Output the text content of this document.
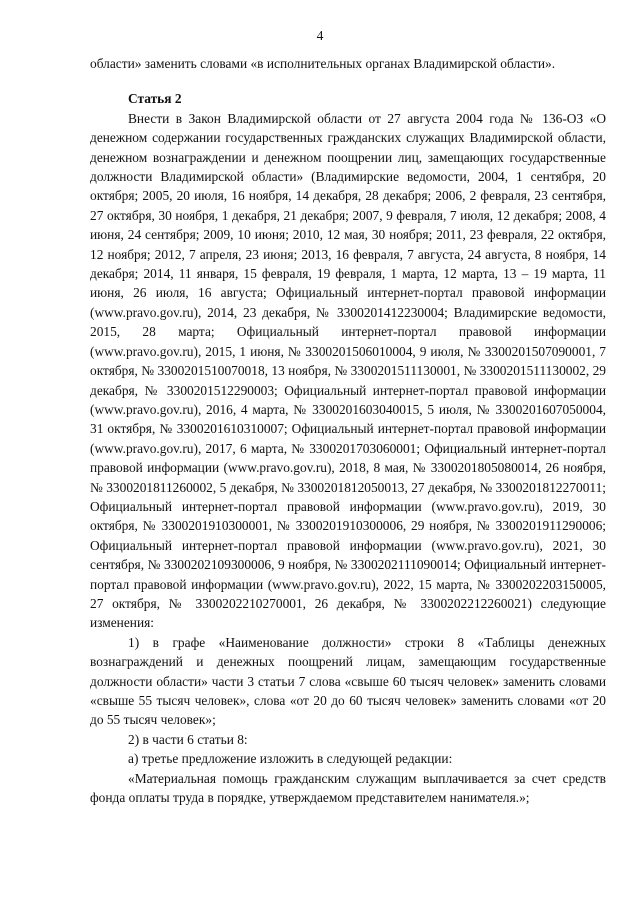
4

области» заменить словами «в исполнительных органах Владимирской области».

Статья 2

Внести в Закон Владимирской области от 27 августа 2004 года № 136-ОЗ «О денежном содержании государственных гражданских служащих Владимирской области, денежном вознаграждении и денежном поощрении лиц, замещающих государственные должности Владимирской области» (Владимирские ведомости, 2004, 1 сентября, 20 октября; 2005, 20 июля, 16 ноября, 14 декабря, 28 декабря; 2006, 2 февраля, 23 сентября, 27 октября, 30 ноября, 1 декабря, 21 декабря; 2007, 9 февраля, 7 июля, 12 декабря; 2008, 4 июня, 24 сентября; 2009, 10 июня; 2010, 12 мая, 30 ноября; 2011, 23 февраля, 22 октября, 12 ноября; 2012, 7 апреля, 23 июня; 2013, 16 февраля, 7 августа, 24 августа, 8 ноября, 14 декабря; 2014, 11 января, 15 февраля, 19 февраля, 1 марта, 12 марта, 13 – 19 марта, 11 июня, 26 июля, 16 августа; Официальный интернет-портал правовой информации (www.pravo.gov.ru), 2014, 23 декабря, № 3300201412230004; Владимирские ведомости, 2015, 28 марта; Официальный интернет-портал правовой информации (www.pravo.gov.ru), 2015, 1 июня, № 3300201506010004, 9 июля, № 3300201507090001, 7 октября, № 3300201510070018, 13 ноября, № 3300201511130001, № 3300201511130002, 29 декабря, № 3300201512290003; Официальный интернет-портал правовой информации (www.pravo.gov.ru), 2016, 4 марта, № 3300201603040015, 5 июля, № 3300201607050004, 31 октября, № 3300201610310007; Официальный интернет-портал правовой информации (www.pravo.gov.ru), 2017, 6 марта, № 3300201703060001; Официальный интернет-портал правовой информации (www.pravo.gov.ru), 2018, 8 мая, № 3300201805080014, 26 ноября, № 3300201811260002, 5 декабря, № 3300201812050013, 27 декабря, № 3300201812270011; Официальный интернет-портал правовой информации (www.pravo.gov.ru), 2019, 30 октября, № 3300201910300001, № 3300201910300006, 29 ноября, № 3300201911290006; Официальный интернет-портал правовой информации (www.pravo.gov.ru), 2021, 30 сентября, № 3300202109300006, 9 ноября, № 3300202111090014; Официальный интернет-портал правовой информации (www.pravo.gov.ru), 2022, 15 марта, № 3300202203150005, 27 октября, № 3300202210270001, 26 декабря, № 3300202212260021) следующие изменения:

1) в графе «Наименование должности» строки 8 «Таблицы денежных вознаграждений и денежных поощрений лицам, замещающим государственные должности области» части 3 статьи 7 слова «свыше 60 тысяч человек» заменить словами «свыше 55 тысяч человек», слова «от 20 до 60 тысяч человек» заменить словами «от 20 до 55 тысяч человек»;

2) в части 6 статьи 8:

а) третье предложение изложить в следующей редакции:

«Материальная помощь гражданским служащим выплачивается за счет средств фонда оплаты труда в порядке, утверждаемом представителем нанимателя.»;
